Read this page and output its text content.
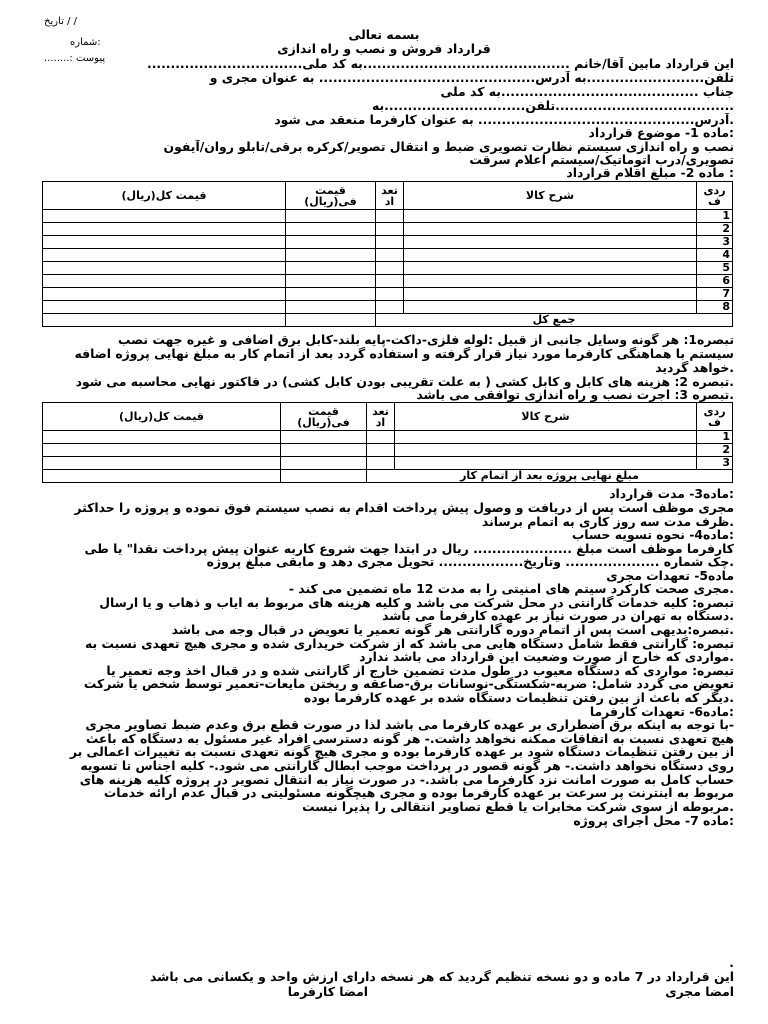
/ / تاریخ
:شماره
پیوست :........
بسمه تعالی
قرارداد فروش و نصب و راه اندازی
این قرارداد مابین آقا/خانم ............................................به کد ملی.................................
تلفن.........................به آدرس.............................................. به عنوان مجری و
جناب ..........................................به کد ملی
......................................تلفن..............................به
.آدرس.............................................. به عنوان کارفرما منعقد می شود
:ماده 1- موضوع قرارداد
نصب و راه اندازی سیستم نظارت تصویری ضبط و انتقال تصویر/کرکره برقی/تابلو روان/آیفون
تصویری/درب اتوماتیک/سیستم اعلام سرقت
: ماده 2- مبلغ اقلام قرارداد
ردی ف	شرح کالا	تعد اد	قیمت فی(ریال)	قیمت کل(ریال)
1				
2				
3				
4				
5				
6				
7				
8				
جمع کل				
تبصره1: هر گونه وسایل جانبی از قبیل :لوله فلزی-داکت-پایه بلند-کابل برق اضافی و غیره جهت نصب
سیستم با هماهنگی کارفرما مورد نیاز قرار گرفته و استفاده گردد بعد از اتمام کار به مبلغ نهایی پروژه اضافه
.خواهد گردید
.تبصره 2: هزینه های کابل و کابل کشی ( به علت تقریبی بودن کابل کشی) در فاکتور نهایی محاسبه می شود
.تبصره 3: اجرت نصب و راه اندازی توافقی می باشد
ردی ف	شرح کالا	تعد اد	قیمت فی(ریال)	قیمت کل(ریال)
1				
2				
3				
مبلغ نهایی پروژه بعد از اتمام کار				
:ماده3- مدت قرارداد
مجری موظف است پس از دریافت و وصول پیش پرداخت اقدام به نصب سیستم فوق نموده و پروژه را حداکثر
.ظرف مدت سه روز کاری به اتمام برساند
:ماده4- نحوه تسویه حساب
کارفرما موظف است مبلغ ..................... ریال در ابتدا جهت شروع کاربه عنوان پیش پرداخت نقدا" یا طی
.چک شماره .................... وتاریخ.................. تحویل مجری دهد و مابقی مبلغ پروژه
ماده5- تعهدات مجری
.مجری صحت کارکرد سیتم های امنیتی را به مدت 12 ماه تضمین می کند -
تبصره: کلیه خدمات گارانتی در محل شرکت می باشد و کلیه هزینه های مربوط به ایاب و ذهاب و یا ارسال
.دستگاه به تهران در صورت نیاز بر عهده کارفرما می باشد
.تبصره:بدیهی است پس از اتمام دوره گارانتی هر گونه تعمیر یا تعویض در قبال وجه می باشد
تبصره: گارانتی فقط شامل دستگاه هایی می باشد که از شرکت خریداری شده و مجری هیچ تعهدی نسبت به
.مواردی که خارج از صورت وضعیت این قرارداد می باشد ندارد
تبصره: مواردی که دستگاه معیوب در طول مدت تضمین خارج از گارانتی شده و در قبال اخذ وجه تعمیر یا
تعویض می گردد شامل: ضربه-شکستگی-نوسانات برق-صاعقه و ریختن مایعات-تعمیر توسط شخص یا شرکت
.دیگر که باعث از بین رفتن تنظیمات دستگاه شده بر عهده کارفرما بوده
:ماده6- تعهدات کارفرما
-با توجه به اینکه برق اضطراری بر عهده کارفرما می باشد لذا در صورت قطع برق وعدم ضبط تصاویر مجری
هیچ تعهدی نسبت به اتفاقات ممکنه نخواهد داشت.- هر گونه دسترسی افراد غیر مسئول به دستگاه که باعث
از بین رفتن تنظیمات دستگاه شود بر عهده کارفرما بوده و مجری هیچ گونه تعهدی نسبت به تغییرات اعمالی بر
روی دستگاه نخواهد داشت.- هر گونه قصور در پرداخت موجب ابطال گارانتی می شود.- کلیه اجناس تا تسویه
حساب کامل به صورت امانت نزد کارفرما می باشد.- در صورت نیاز به انتقال تصویر در پروژه کلیه هزینه های
مربوط به اینترنت پر سرعت بر عهده کارفرما بوده و مجری هیچگونه مسئولیتی در قبال عدم ارائه خدمات
.مربوطه از سوی شرکت مخابرات یا قطع تصاویر انتقالی را پذیرا نیست
:ماده 7- محل اجرای پروژه
.
این قرارداد در 7 ماده و دو نسخه تنظیم گردید که هر نسخه دارای ارزش واحد و یکسانی می باشد
امضا مجری
امضا کارفرما
